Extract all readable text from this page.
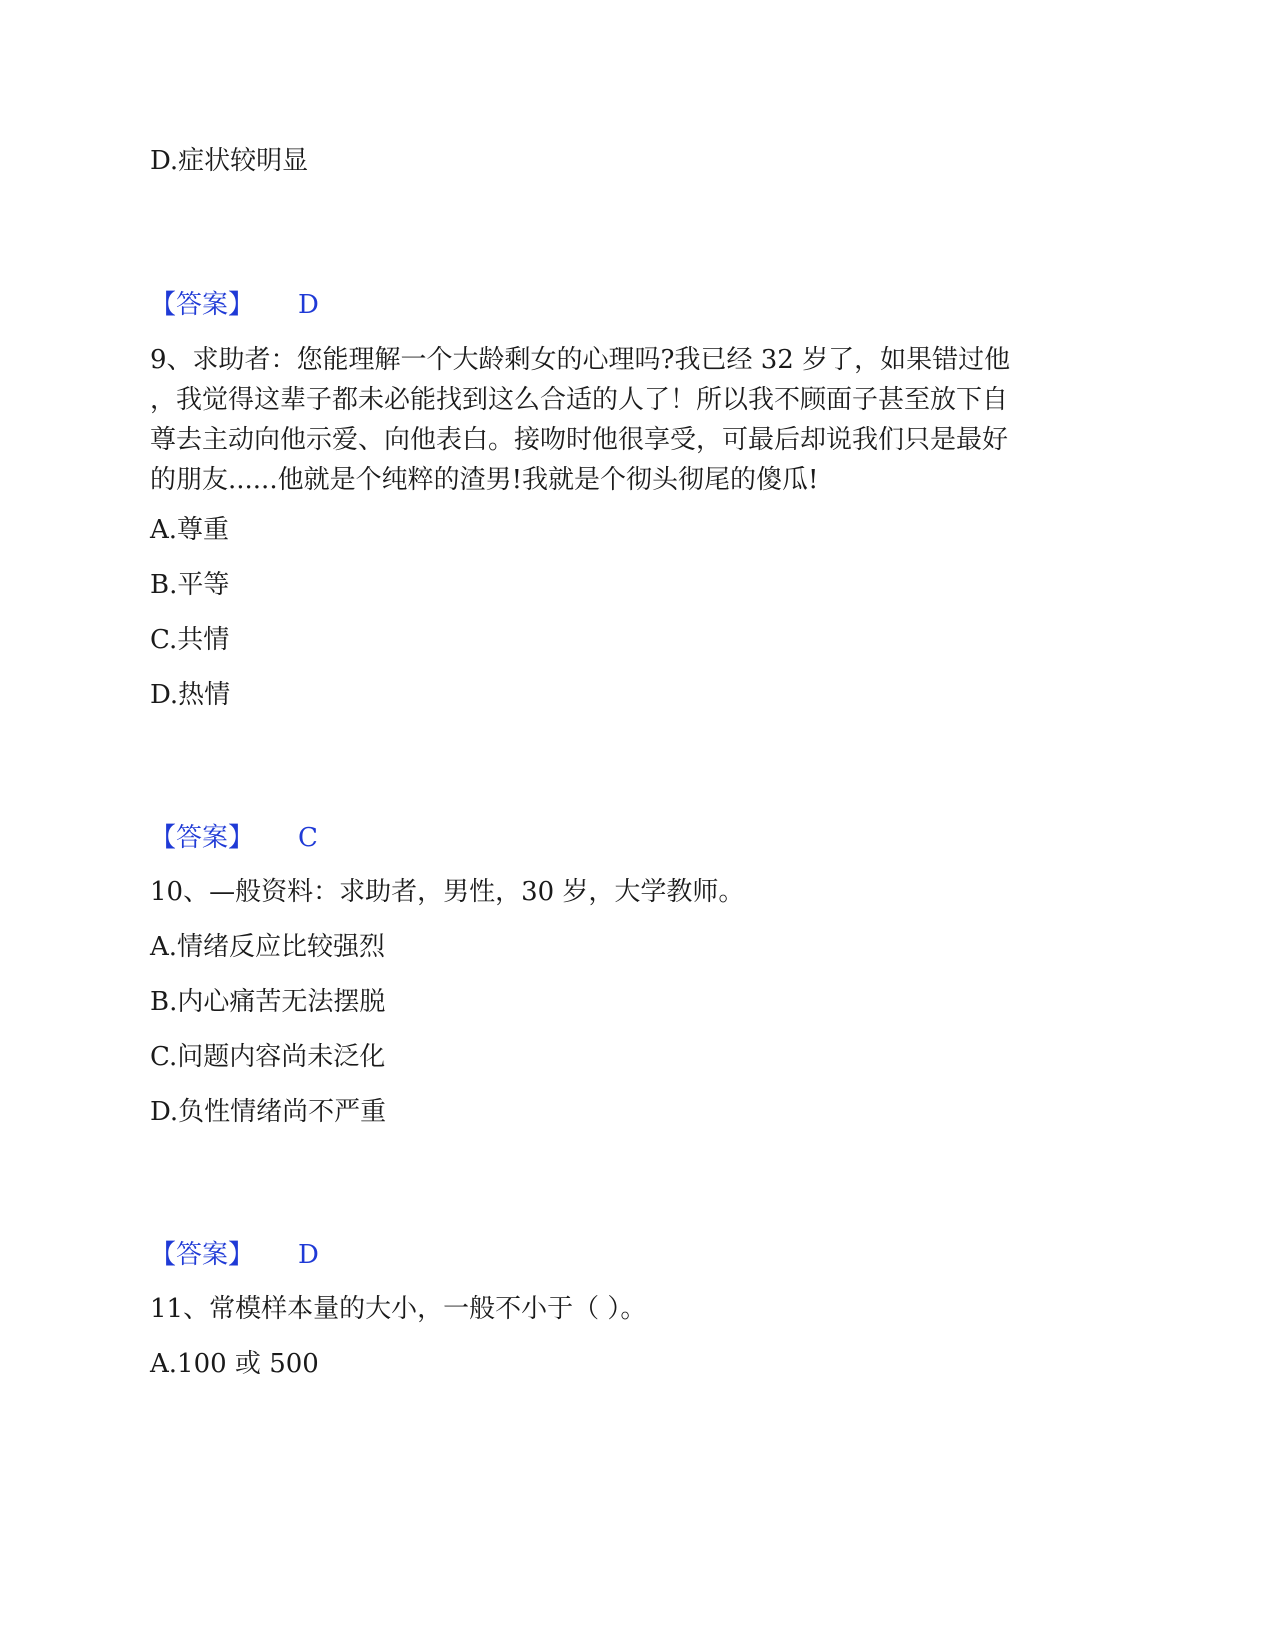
D.症状较明显
【答案】 D
9、求助者：您能理解一个大龄剩女的心理吗?我已经 32 岁了，如果错过他
，我觉得这辈子都未必能找到这么合适的人了！所以我不顾面子甚至放下自
尊去主动向他示爱、向他表白。接吻时他很享受，可最后却说我们只是最好
的朋友......他就是个纯粹的渣男!我就是个彻头彻尾的傻瓜!
A.尊重
B.平等
C.共情
D.热情
【答案】 C
10、—般资料：求助者，男性，30 岁，大学教师。
A.情绪反应比较强烈
B.内心痛苦无法摆脱
C.问题内容尚未泛化
D.负性情绪尚不严重
【答案】 D
11、常模样本量的大小，一般不小于（ ）。
A.100 或 500
